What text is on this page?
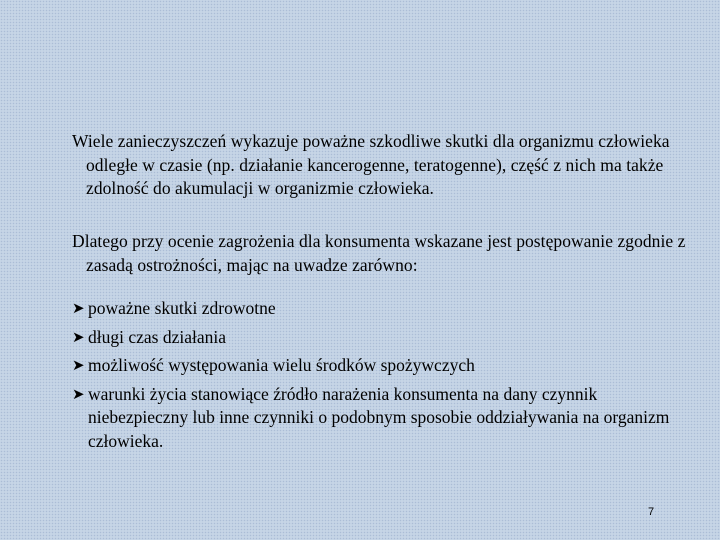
Wiele zanieczyszczeń wykazuje poważne szkodliwe skutki dla organizmu człowieka odległe w czasie (np. działanie kancerogenne, teratogenne), część z nich ma także zdolność do akumulacji w organizmie człowieka.
Dlatego przy ocenie zagrożenia dla konsumenta wskazane jest postępowanie zgodnie z zasadą ostrożności, mając na uwadze zarówno:
➤ poważne skutki zdrowotne
➤ długi czas działania
➤ możliwość występowania wielu środków spożywczych
➤ warunki życia stanowiące źródło narażenia konsumenta na dany czynnik niebezpieczny lub inne czynniki o podobnym sposobie oddziaływania na organizm człowieka.
7
